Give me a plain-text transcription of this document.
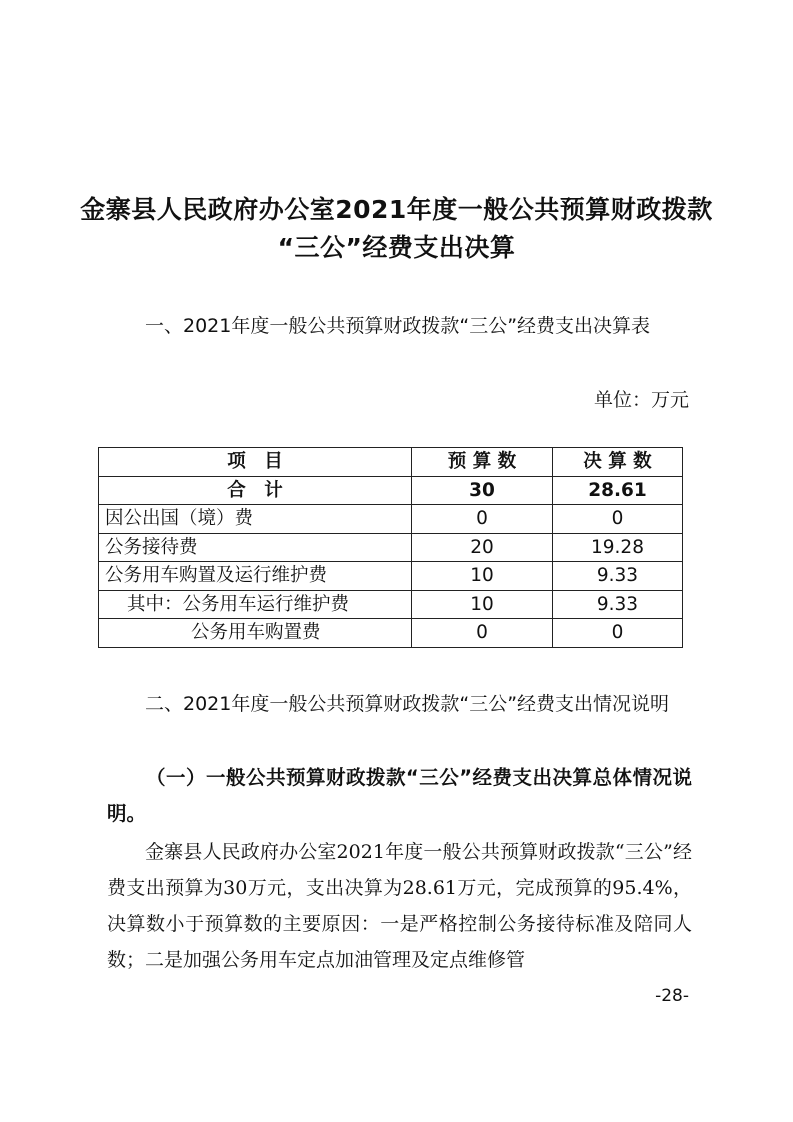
金寨县人民政府办公室2021年度一般公共预算财政拨款
“三公”经费支出决算
一、2021年度一般公共预算财政拨款“三公”经费支出决算表
单位：万元
项　目	预 算 数	决 算 数
合　计	30	28.61
因公出国（境）费	0	0
公务接待费	20	19.28
公务用车购置及运行维护费	10	9.33
其中：公务用车运行维护费	10	9.33
公务用车购置费	0	0
二、2021年度一般公共预算财政拨款“三公”经费支出情况说明
（一）一般公共预算财政拨款“三公”经费支出决算总体情况说明。
金寨县人民政府办公室2021年度一般公共预算财政拨款“三公”经费支出预算为30万元，支出决算为28.61万元，完成预算的95.4%，决算数小于预算数的主要原因：一是严格控制公务接待标准及陪同人数；二是加强公务用车定点加油管理及定点维修管
-28-
